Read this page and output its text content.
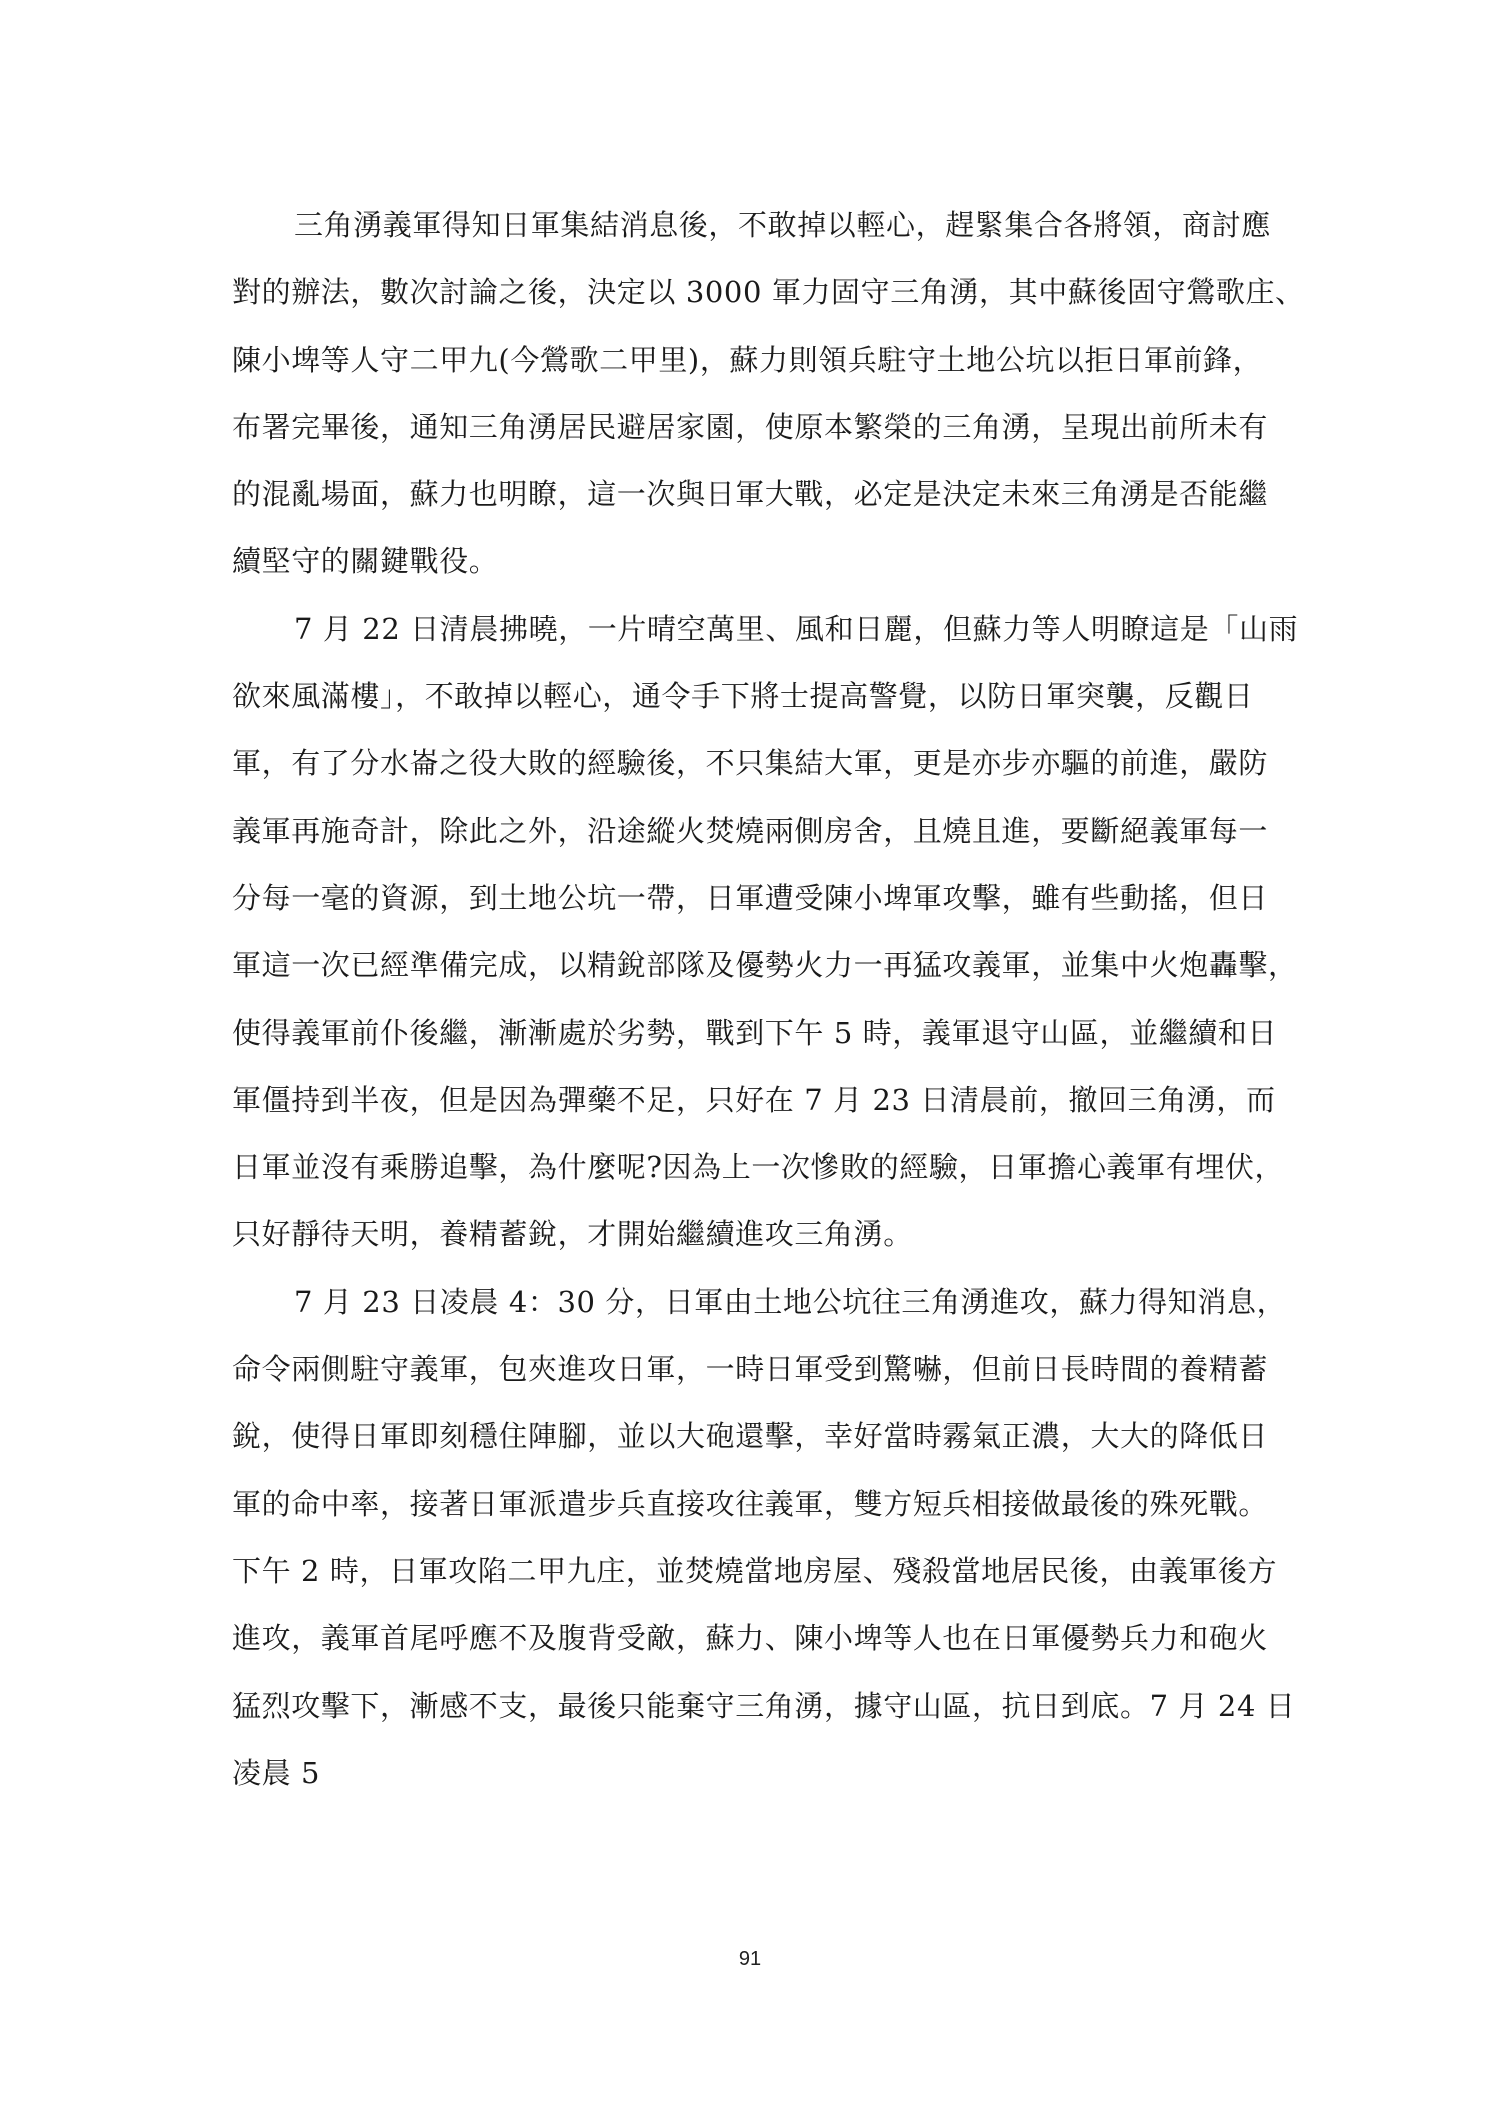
三角湧義軍得知日軍集結消息後，不敢掉以輕心，趕緊集合各將領，商討應
對的辦法，數次討論之後，決定以 3000 軍力固守三角湧，其中蘇後固守鶯歌庄、
陳小埤等人守二甲九(今鶯歌二甲里)，蘇力則領兵駐守土地公坑以拒日軍前鋒，
布署完畢後，通知三角湧居民避居家園，使原本繁榮的三角湧，呈現出前所未有
的混亂場面，蘇力也明瞭，這一次與日軍大戰，必定是決定未來三角湧是否能繼
續堅守的關鍵戰役。
7 月 22 日清晨拂曉，一片晴空萬里、風和日麗，但蘇力等人明瞭這是「山雨
欲來風滿樓」，不敢掉以輕心，通令手下將士提高警覺，以防日軍突襲，反觀日
軍，有了分水崙之役大敗的經驗後，不只集結大軍，更是亦步亦驅的前進，嚴防
義軍再施奇計，除此之外，沿途縱火焚燒兩側房舍，且燒且進，要斷絕義軍每一
分每一毫的資源，到土地公坑一帶，日軍遭受陳小埤軍攻擊，雖有些動搖，但日
軍這一次已經準備完成，以精銳部隊及優勢火力一再猛攻義軍，並集中火炮轟擊，
使得義軍前仆後繼，漸漸處於劣勢，戰到下午 5 時，義軍退守山區，並繼續和日
軍僵持到半夜，但是因為彈藥不足，只好在 7 月 23 日清晨前，撤回三角湧，而
日軍並沒有乘勝追擊，為什麼呢?因為上一次慘敗的經驗，日軍擔心義軍有埋伏，
只好靜待天明，養精蓄銳，才開始繼續進攻三角湧。
7 月 23 日凌晨 4：30 分，日軍由土地公坑往三角湧進攻，蘇力得知消息，
命令兩側駐守義軍，包夾進攻日軍，一時日軍受到驚嚇，但前日長時間的養精蓄
銳，使得日軍即刻穩住陣腳，並以大砲還擊，幸好當時霧氣正濃，大大的降低日
軍的命中率，接著日軍派遣步兵直接攻往義軍，雙方短兵相接做最後的殊死戰。
下午 2 時，日軍攻陷二甲九庄，並焚燒當地房屋、殘殺當地居民後，由義軍後方
進攻，義軍首尾呼應不及腹背受敵，蘇力、陳小埤等人也在日軍優勢兵力和砲火
猛烈攻擊下，漸感不支，最後只能棄守三角湧，據守山區，抗日到底。7 月 24 日
凌晨 5
91
